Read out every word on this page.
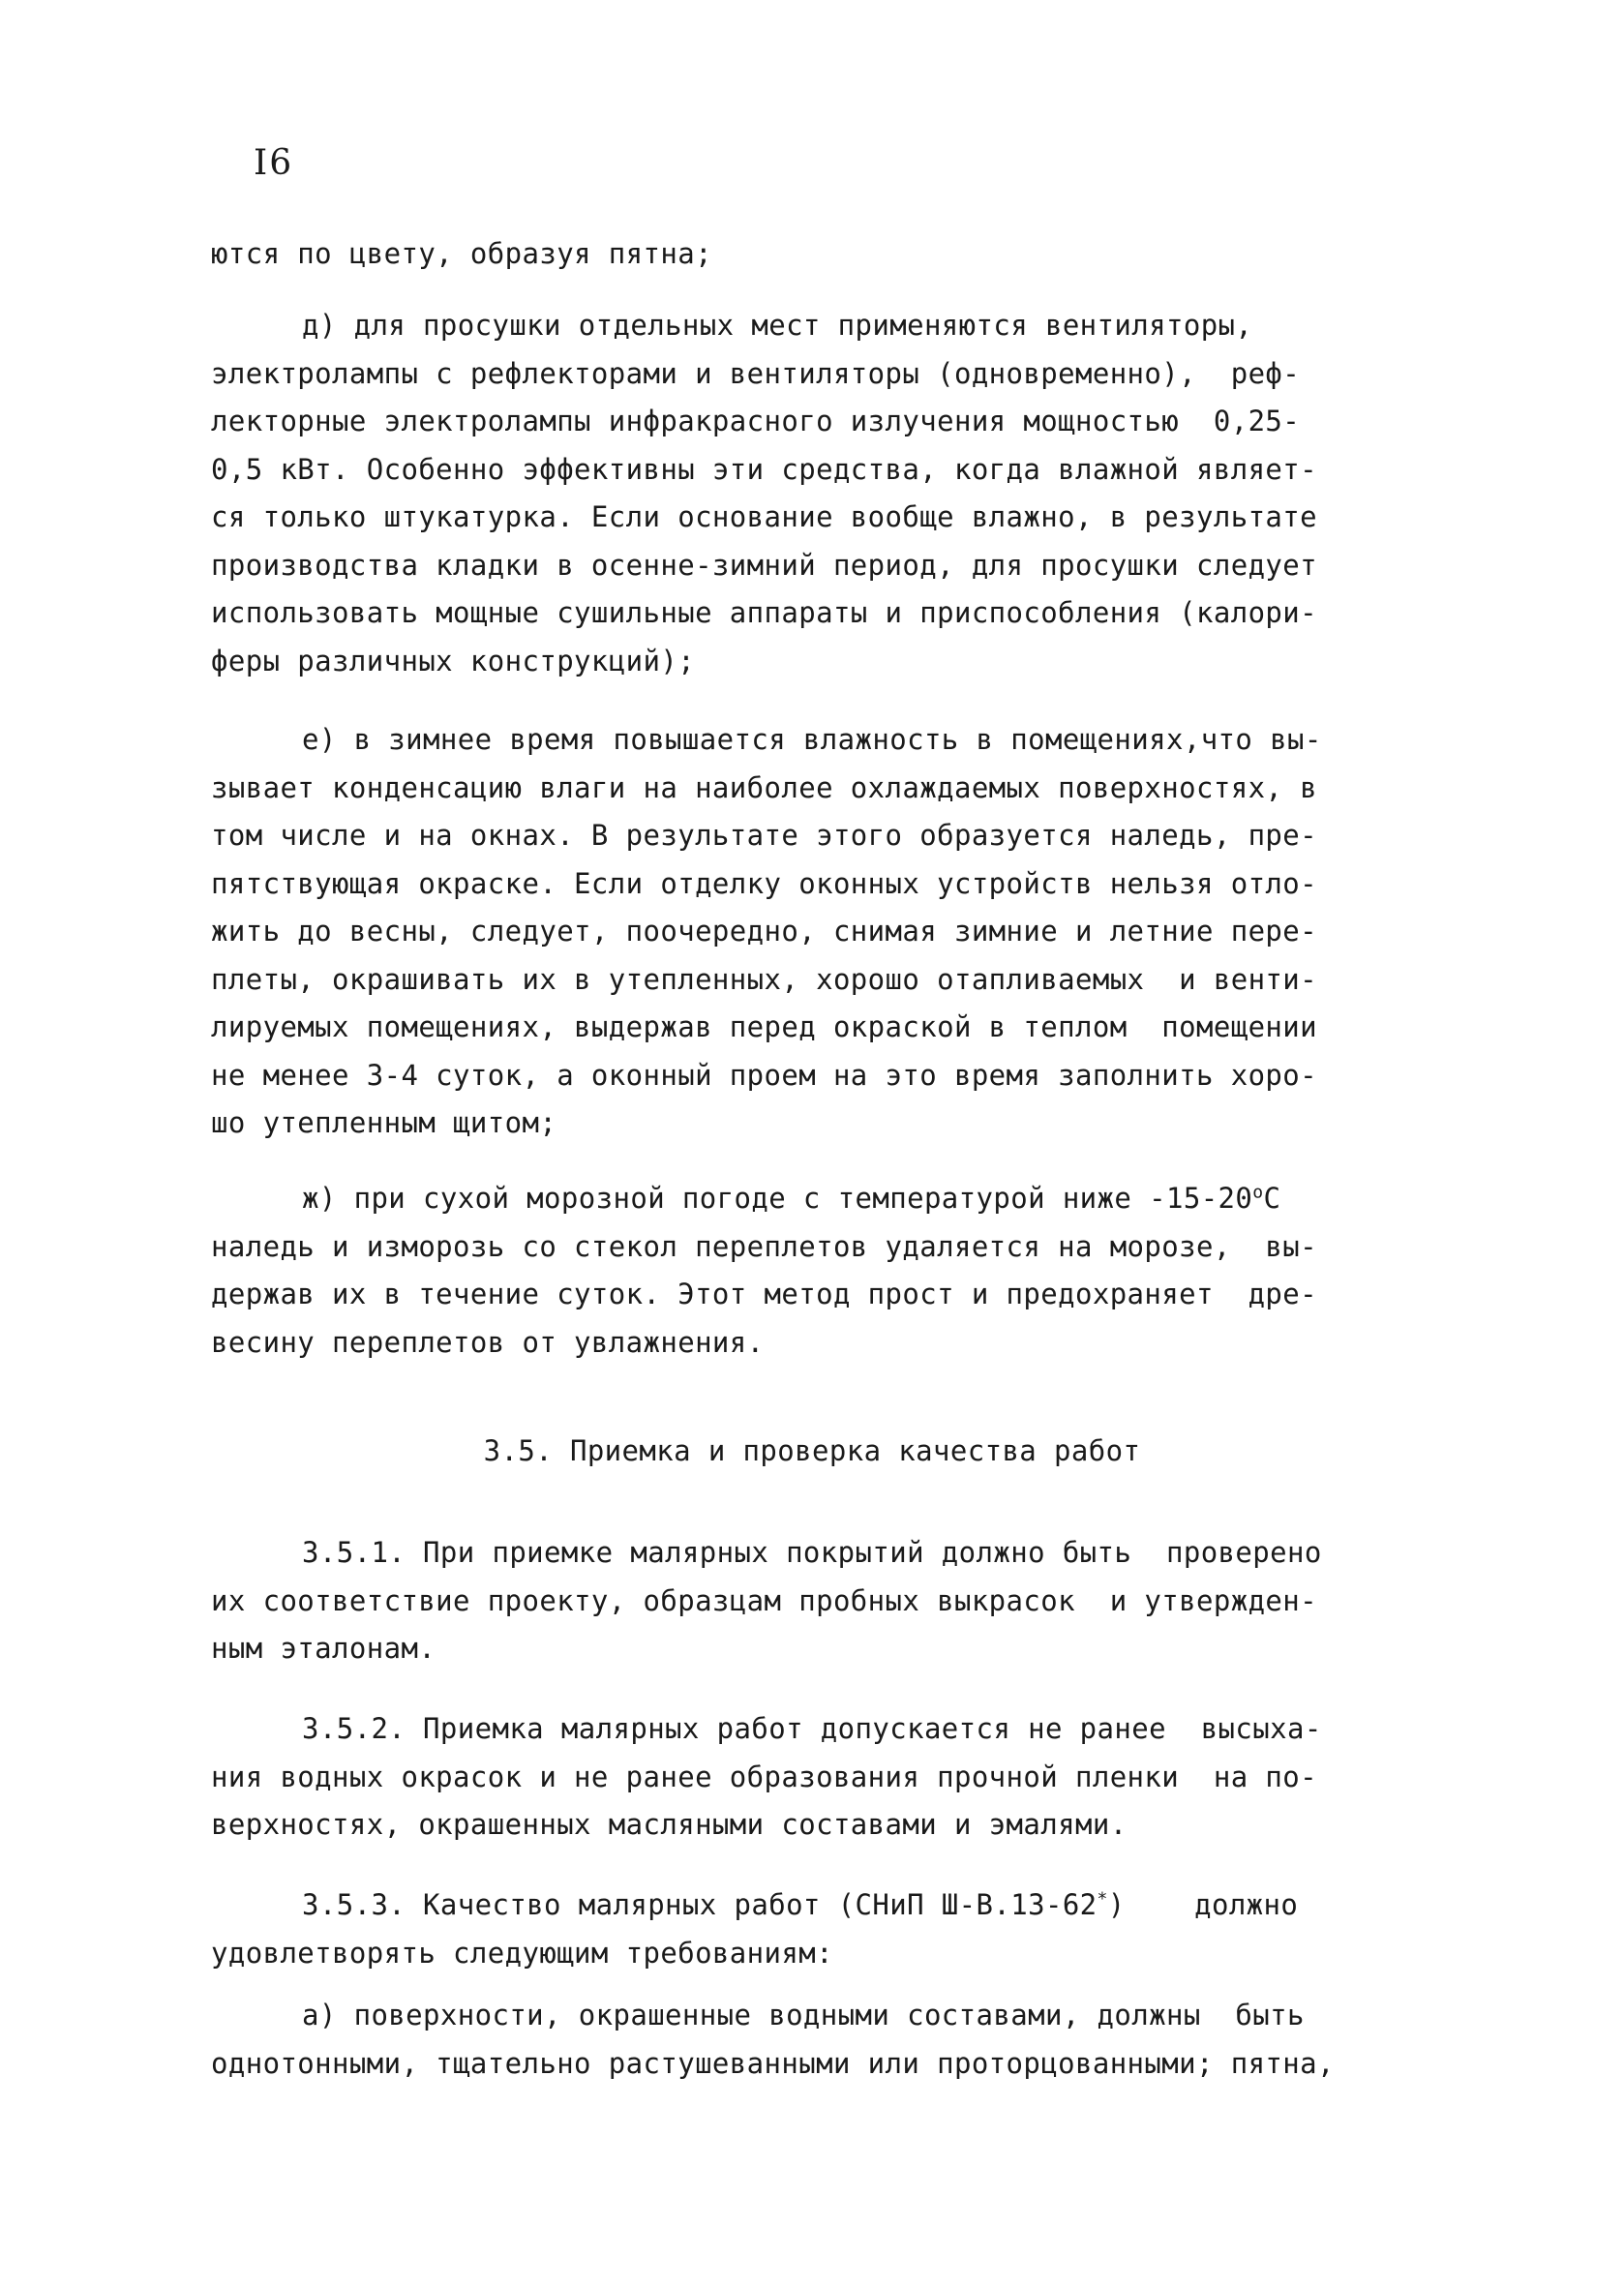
I6
ются по цвету, образуя пятна;
д) для просушки отдельных мест применяются вентиляторы,
электролампы с рефлекторами и вентиляторы (одновременно),  реф-
лекторные электролампы инфракрасного излучения мощностью  0,25-
0,5 кВт. Особенно эффективны эти средства, когда влажной являет-
ся только штукатурка. Если основание вообще влажно, в результате
производства кладки в осенне-зимний период, для просушки следует
использовать мощные сушильные аппараты и приспособления (калори-
феры различных конструкций);
е) в зимнее время повышается влажность в помещениях,что вы-
зывает конденсацию влаги на наиболее охлаждаемых поверхностях, в
том числе и на окнах. В результате этого образуется наледь, пре-
пятствующая окраске. Если отделку оконных устройств нельзя отло-
жить до весны, следует, поочередно, снимая зимние и летние пере-
плеты, окрашивать их в утепленных, хорошо отапливаемых  и венти-
лируемых помещениях, выдержав перед окраской в теплом  помещении
не менее 3-4 суток, а оконный проем на это время заполнить хоро-
шо утепленным щитом;
ж) при сухой морозной погоде с температурой ниже $-15-20^оС$
наледь и изморозь со стекол переплетов удаляется на морозе,  вы-
держав их в течение суток. Этот метод прост и предохраняет  дре-
весину переплетов от увлажнения.
3.5. Приемка и проверка качества работ
3.5.1. При приемке малярных покрытий должно быть  проверено
их соответствие проекту, образцам пробных выкрасок  и утвержден-
ным эталонам.
3.5.2. Приемка малярных работ допускается не ранее  высыха-
ния водных окрасок и не ранее образования прочной пленки  на по-
верхностях, окрашенных масляными составами и эмалями.
3.5.3. Качество малярных работ (СНиП Ш-В.13-62*)    должно
удовлетворять следующим требованиям:
а) поверхности, окрашенные водными составами, должны  быть
однотонными, тщательно растушеванными или проторцованными; пятна,
